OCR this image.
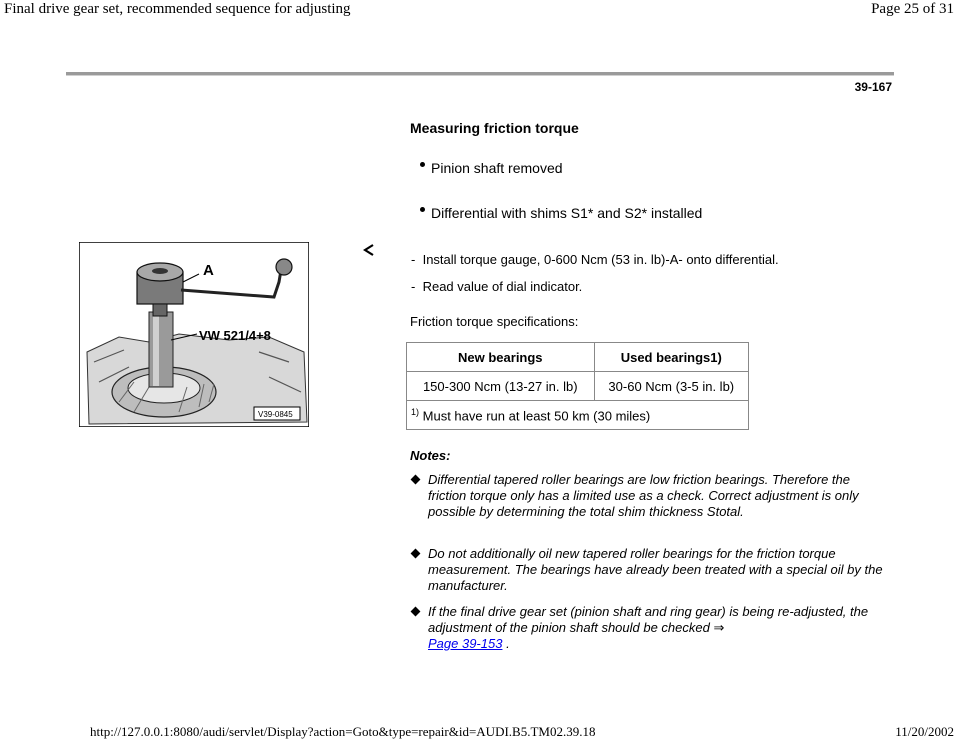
Final drive gear set, recommended sequence for adjusting	Page 25 of 31
39-167
Measuring friction torque
Pinion shaft removed
Differential with shims S1* and S2* installed
A
VW 521/4+8
V39-0845
- Install torque gauge, 0-600 Ncm (53 in. lb)-A- onto differential.
- Read value of dial indicator.
Friction torque specifications:
New bearings	Used bearings1)
150-300 Ncm (13-27 in. lb)	30-60 Ncm (3-5 in. lb)
$^{1)}$ Must have run at least 50 km (30 miles)	
Notes:
Differential tapered roller bearings are low friction bearings. Therefore the friction torque only has a limited use as a check. Correct adjustment is only possible by determining the total shim thickness Stotal.
Do not additionally oil new tapered roller bearings for the friction torque measurement. The bearings have already been treated with a special oil by the manufacturer.
If the final drive gear set (pinion shaft and ring gear) is being re-adjusted, the adjustment of the pinion shaft should be checked ⇒
Page 39-153 .
http://127.0.0.1:8080/audi/servlet/Display?action=Goto&type=repair&id=AUDI.B5.TM02.39.18	11/20/2002
